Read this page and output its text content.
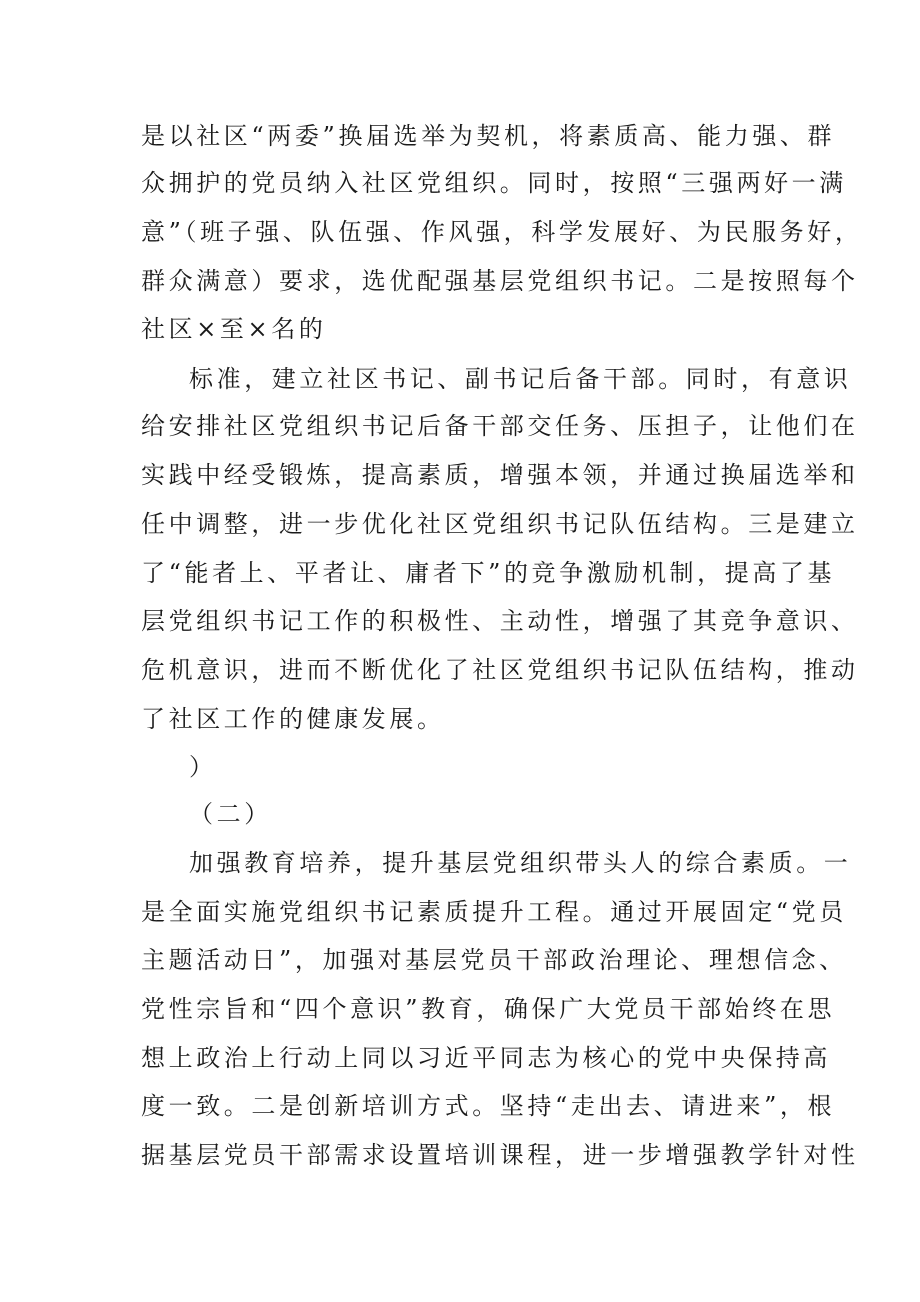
是以社区“两委”换届选举为契机，将素质高、能力强、群
众拥护的党员纳入社区党组织。同时，按照“三强两好一满
意”（班子强、队伍强、作风强，科学发展好、为民服务好，
群众满意）要求，选优配强基层党组织书记。二是按照每个
社区×至×名的
标准，建立社区书记、副书记后备干部。同时，有意识
给安排社区党组织书记后备干部交任务、压担子，让他们在
实践中经受锻炼，提高素质，增强本领，并通过换届选举和
任中调整，进一步优化社区党组织书记队伍结构。三是建立
了“能者上、平者让、庸者下”的竞争激励机制，提高了基
层党组织书记工作的积极性、主动性，增强了其竞争意识、
危机意识，进而不断优化了社区党组织书记队伍结构，推动
了社区工作的健康发展。
）
（二）
加强教育培养，提升基层党组织带头人的综合素质。一
是全面实施党组织书记素质提升工程。通过开展固定“党员
主题活动日”，加强对基层党员干部政治理论、理想信念、
党性宗旨和“四个意识”教育，确保广大党员干部始终在思
想上政治上行动上同以习近平同志为核心的党中央保持高
度一致。二是创新培训方式。坚持“走出去、请进来”，根
据基层党员干部需求设置培训课程，进一步增强教学针对性
